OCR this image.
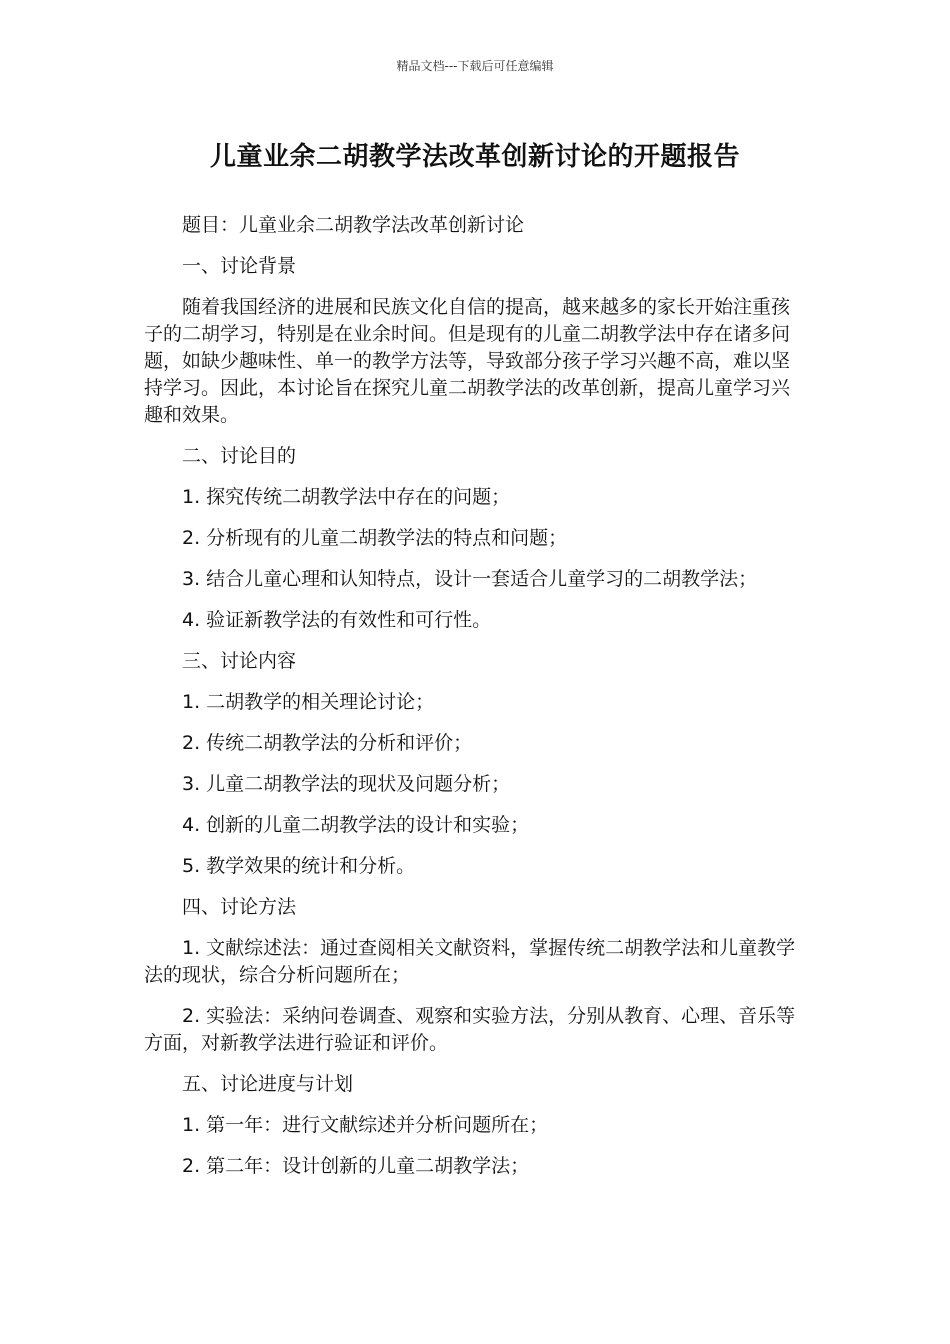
精品文档---下载后可任意编辑
儿童业余二胡教学法改革创新讨论的开题报告

题目：儿童业余二胡教学法改革创新讨论

一、讨论背景

随着我国经济的进展和民族文化自信的提高，越来越多的家长开始注重孩子的二胡学习，特别是在业余时间。但是现有的儿童二胡教学法中存在诸多问题，如缺少趣味性、单一的教学方法等，导致部分孩子学习兴趣不高，难以坚持学习。因此，本讨论旨在探究儿童二胡教学法的改革创新，提高儿童学习兴趣和效果。

二、讨论目的

1. 探究传统二胡教学法中存在的问题；

2. 分析现有的儿童二胡教学法的特点和问题；

3. 结合儿童心理和认知特点，设计一套适合儿童学习的二胡教学法；

4. 验证新教学法的有效性和可行性。

三、讨论内容

1. 二胡教学的相关理论讨论；

2. 传统二胡教学法的分析和评价；

3. 儿童二胡教学法的现状及问题分析；

4. 创新的儿童二胡教学法的设计和实验；

5. 教学效果的统计和分析。

四、讨论方法

1. 文献综述法：通过查阅相关文献资料，掌握传统二胡教学法和儿童教学法的现状，综合分析问题所在；

2. 实验法：采纳问卷调查、观察和实验方法，分别从教育、心理、音乐等方面，对新教学法进行验证和评价。

五、讨论进度与计划

1. 第一年：进行文献综述并分析问题所在；

2. 第二年：设计创新的儿童二胡教学法；
